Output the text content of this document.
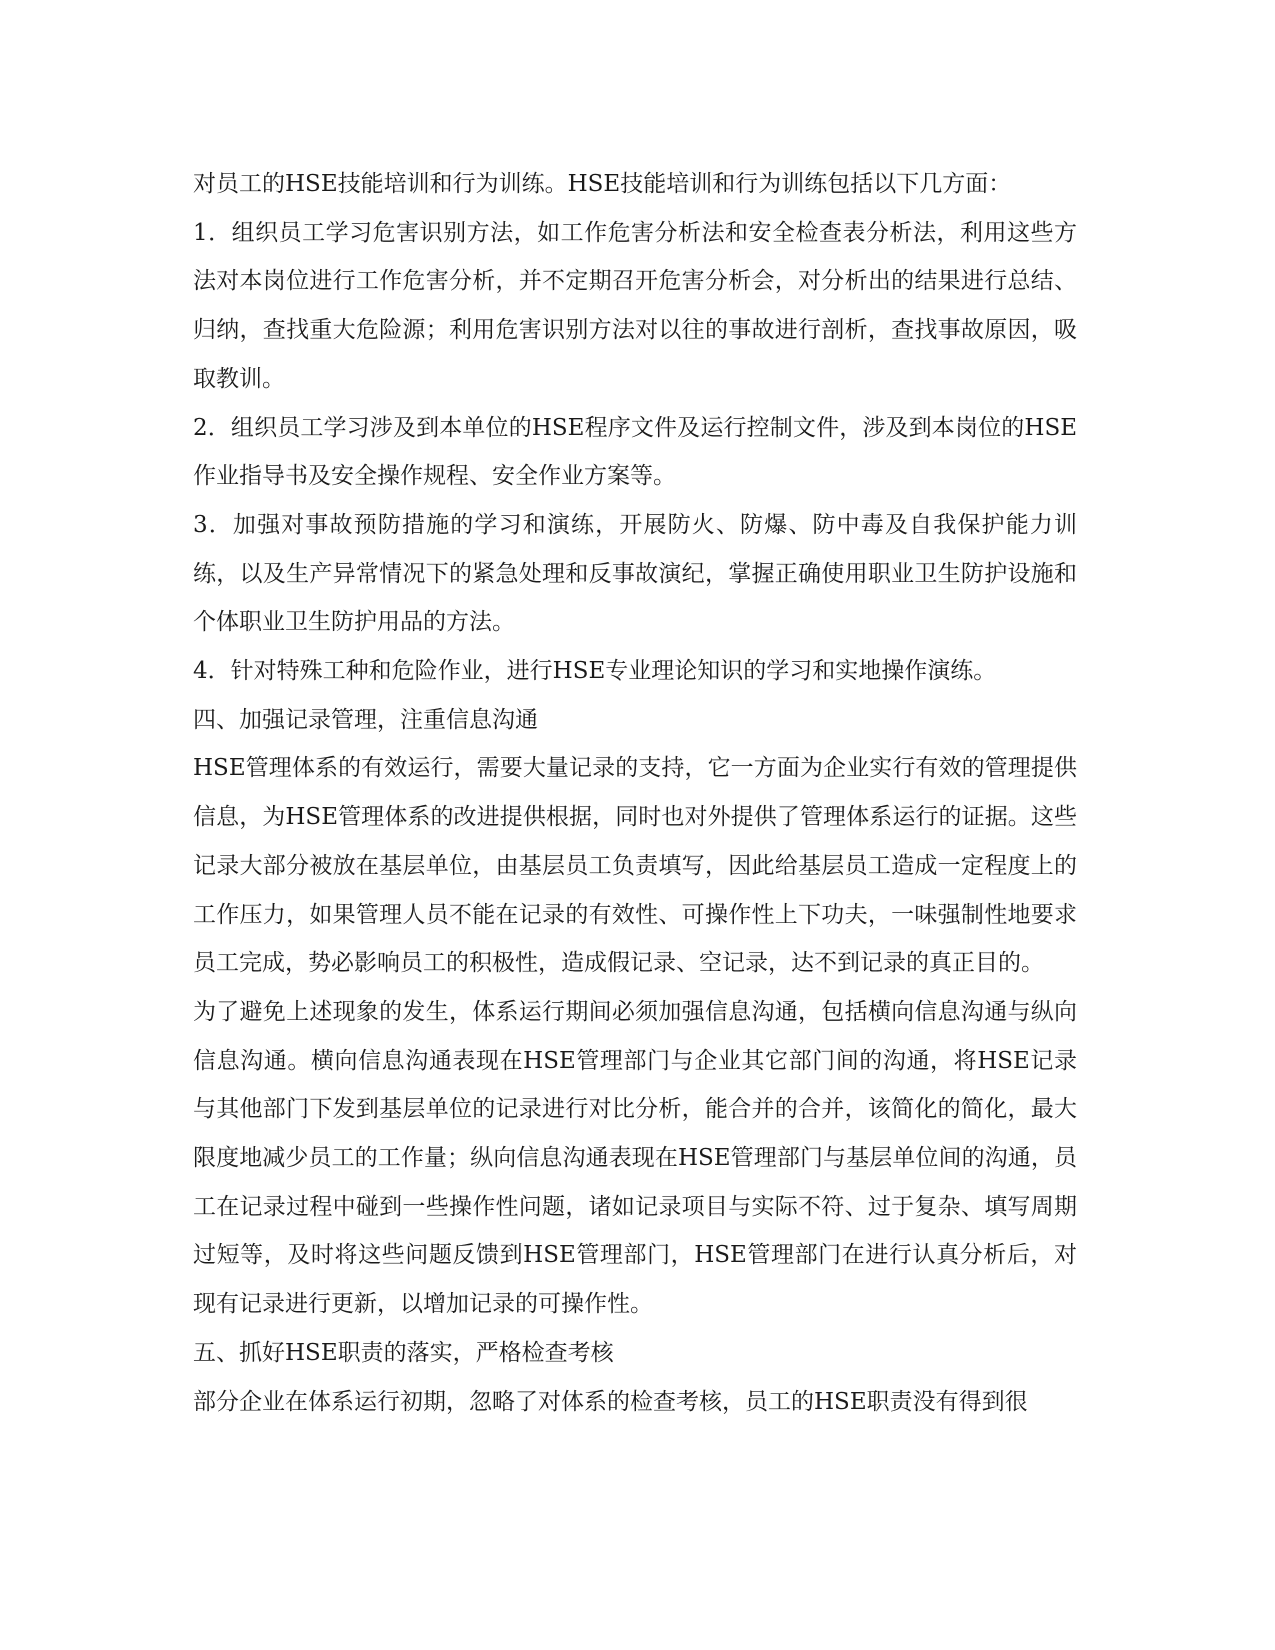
对员工的HSE技能培训和行为训练。HSE技能培训和行为训练包括以下几方面：

1．组织员工学习危害识别方法，如工作危害分析法和安全检查表分析法，利用这些方法对本岗位进行工作危害分析，并不定期召开危害分析会，对分析出的结果进行总结、归纳，查找重大危险源；利用危害识别方法对以往的事故进行剖析，查找事故原因，吸取教训。

2．组织员工学习涉及到本单位的HSE程序文件及运行控制文件，涉及到本岗位的HSE作业指导书及安全操作规程、安全作业方案等。

3．加强对事故预防措施的学习和演练，开展防火、防爆、防中毒及自我保护能力训练，以及生产异常情况下的紧急处理和反事故演纪，掌握正确使用职业卫生防护设施和个体职业卫生防护用品的方法。

4．针对特殊工种和危险作业，进行HSE专业理论知识的学习和实地操作演练。

四、加强记录管理，注重信息沟通

HSE管理体系的有效运行，需要大量记录的支持，它一方面为企业实行有效的管理提供信息，为HSE管理体系的改进提供根据，同时也对外提供了管理体系运行的证据。这些记录大部分被放在基层单位，由基层员工负责填写，因此给基层员工造成一定程度上的工作压力，如果管理人员不能在记录的有效性、可操作性上下功夫，一味强制性地要求员工完成，势必影响员工的积极性，造成假记录、空记录，达不到记录的真正目的。

为了避免上述现象的发生，体系运行期间必须加强信息沟通，包括横向信息沟通与纵向信息沟通。横向信息沟通表现在HSE管理部门与企业其它部门间的沟通，将HSE记录与其他部门下发到基层单位的记录进行对比分析，能合并的合并，该简化的简化，最大限度地减少员工的工作量；纵向信息沟通表现在HSE管理部门与基层单位间的沟通，员工在记录过程中碰到一些操作性问题，诸如记录项目与实际不符、过于复杂、填写周期过短等，及时将这些问题反馈到HSE管理部门，HSE管理部门在进行认真分析后，对现有记录进行更新，以增加记录的可操作性。

五、抓好HSE职责的落实，严格检查考核

部分企业在体系运行初期，忽略了对体系的检查考核，员工的HSE职责没有得到很
